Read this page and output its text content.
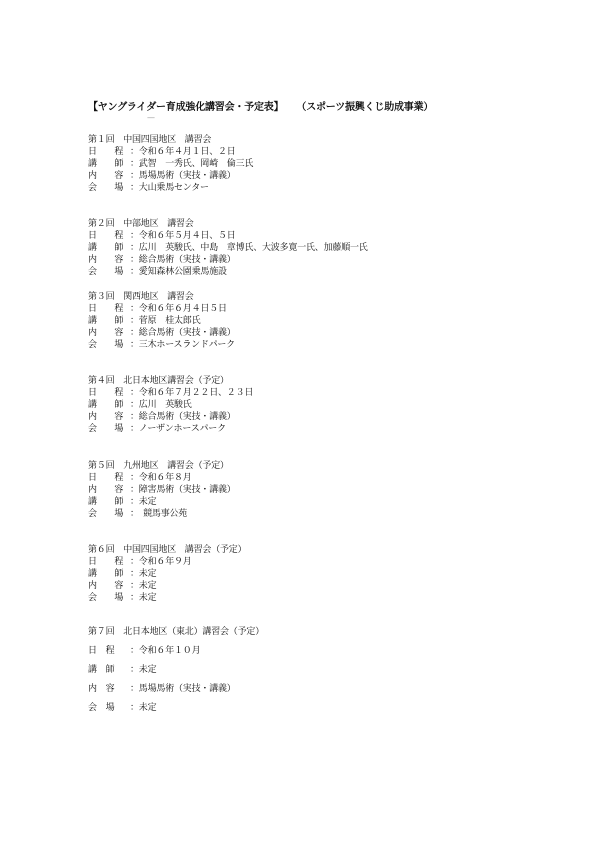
【ヤングライダー育成強化講習会・予定表】 （スポーツ振興くじ助成事業）
—
第１回　中国四国地区　講習会
日　　程 ：令和６年４月１日、２日
講　　師 ：武智　一秀氏、岡崎　倫三氏
内　　容 ：馬場馬術（実技・講義）
会　　場 ：大山乗馬センター
第２回　中部地区　講習会
日　　程 ：令和６年５月４日、５日
講　　師 ：広川　英駿氏、中島　章博氏、大波多寛一氏、加藤順一氏
内　　容 ：総合馬術（実技・講義）
会　　場 ：愛知森林公園乗馬施設
第３回　関西地区　講習会
日　　程 ：令和６年６月４日５日
講　　師 ：菅原　桂太郎氏
内　　容 ：総合馬術（実技・講義）
会　　場 ：三木ホースランドパーク
第４回　北日本地区講習会（予定）
日　　程 ：令和６年７月２２日、２３日
講　　師 ：広川　英駿氏
内　　容 ：総合馬術（実技・講義）
会　　場 ：ノーザンホースパーク
第５回　九州地区　講習会（予定）
日　　程 ：令和６年８月
内　　容 ：障害馬術（実技・講義）
講　　師 ：未定
会　　場 ：　競馬事公苑
第６回　中国四国地区　講習会（予定）
日　　程 ：令和６年９月
講　　師 ：未定
内　　容 ：未定
会　　場 ：未定
第７回　北日本地区（東北）講習会（予定）
日　程	：令和６年１０月
講　師	：未定
内　容	：馬場馬術（実技・講義）
会　場	：未定
